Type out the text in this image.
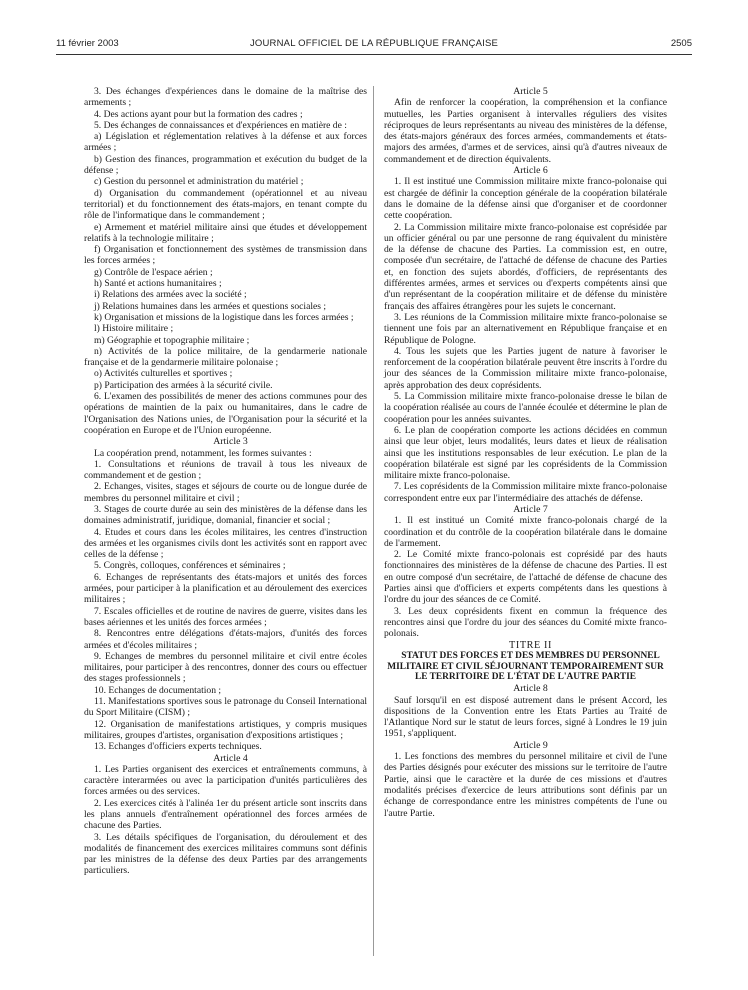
11 février 2003	JOURNAL OFFICIEL DE LA RÉPUBLIQUE FRANÇAISE	2505

3. Des échanges d'expériences dans le domaine de la maîtrise des armements ;

4. Des actions ayant pour but la formation des cadres ;

5. Des échanges de connaissances et d'expériences en matière de :

a) Législation et réglementation relatives à la défense et aux forces armées ;

b) Gestion des finances, programmation et exécution du budget de la défense ;

c) Gestion du personnel et administration du matériel ;

d) Organisation du commandement (opérationnel et au niveau territorial) et du fonctionnement des états-majors, en tenant compte du rôle de l'informatique dans le commandement ;

e) Armement et matériel militaire ainsi que études et développement relatifs à la technologie militaire ;

f) Organisation et fonctionnement des systèmes de transmission dans les forces armées ;

g) Contrôle de l'espace aérien ;

h) Santé et actions humanitaires ;

i) Relations des armées avec la société ;

j) Relations humaines dans les armées et questions sociales ;

k) Organisation et missions de la logistique dans les forces armées ;

l) Histoire militaire ;

m) Géographie et topographie militaire ;

n) Activités de la police militaire, de la gendarmerie nationale française et de la gendarmerie militaire polonaise ;

o) Activités culturelles et sportives ;

p) Participation des armées à la sécurité civile.

6. L'examen des possibilités de mener des actions communes pour des opérations de maintien de la paix ou humanitaires, dans le cadre de l'Organisation des Nations unies, de l'Organisation pour la sécurité et la coopération en Europe et de l'Union européenne.

Article 3

La coopération prend, notamment, les formes suivantes :

1. Consultations et réunions de travail à tous les niveaux de commandement et de gestion ;

2. Echanges, visites, stages et séjours de courte ou de longue durée de membres du personnel militaire et civil ;

3. Stages de courte durée au sein des ministères de la défense dans les domaines administratif, juridique, domanial, financier et social ;

4. Etudes et cours dans les écoles militaires, les centres d'instruction des armées et les organismes civils dont les activités sont en rapport avec celles de la défense ;

5. Congrès, colloques, conférences et séminaires ;

6. Echanges de représentants des états-majors et unités des forces armées, pour participer à la planification et au déroulement des exercices militaires ;

7. Escales officielles et de routine de navires de guerre, visites dans les bases aériennes et les unités des forces armées ;

8. Rencontres entre délégations d'états-majors, d'unités des forces armées et d'écoles militaires ;

9. Echanges de membres du personnel militaire et civil entre écoles militaires, pour participer à des rencontres, donner des cours ou effectuer des stages professionnels ;

10. Echanges de documentation ;

11. Manifestations sportives sous le patronage du Conseil International du Sport Militaire (CISM) ;

12. Organisation de manifestations artistiques, y compris musiques militaires, groupes d'artistes, organisation d'expositions artistiques ;

13. Echanges d'officiers experts techniques.

Article 4

1. Les Parties organisent des exercices et entraînements communs, à caractère interarmées ou avec la participation d'unités particulières des forces armées ou des services.

2. Les exercices cités à l'alinéa 1er du présent article sont inscrits dans les plans annuels d'entraînement opérationnel des forces armées de chacune des Parties.

3. Les détails spécifiques de l'organisation, du déroulement et des modalités de financement des exercices militaires communs sont définis par les ministres de la défense des deux Parties par des arrangements particuliers.

Article 5

Afin de renforcer la coopération, la compréhension et la confiance mutuelles, les Parties organisent à intervalles réguliers des visites réciproques de leurs représentants au niveau des ministères de la défense, des états-majors généraux des forces armées, commandements et états-majors des armées, d'armes et de services, ainsi qu'à d'autres niveaux de commandement et de direction équivalents.

Article 6

1. Il est institué une Commission militaire mixte franco-polonaise qui est chargée de définir la conception générale de la coopération bilatérale dans le domaine de la défense ainsi que d'organiser et de coordonner cette coopération.

2. La Commission militaire mixte franco-polonaise est coprésidée par un officier général ou par une personne de rang équivalent du ministère de la défense de chacune des Parties. La commission est, en outre, composée d'un secrétaire, de l'attaché de défense de chacune des Parties et, en fonction des sujets abordés, d'officiers, de représentants des différentes armées, armes et services ou d'experts compétents ainsi que d'un représentant de la coopération militaire et de défense du ministère français des affaires étrangères pour les sujets le concernant.

3. Les réunions de la Commission militaire mixte franco-polonaise se tiennent une fois par an alternativement en République française et en République de Pologne.

4. Tous les sujets que les Parties jugent de nature à favoriser le renforcement de la coopération bilatérale peuvent être inscrits à l'ordre du jour des séances de la Commission militaire mixte franco-polonaise, après approbation des deux coprésidents.

5. La Commission militaire mixte franco-polonaise dresse le bilan de la coopération réalisée au cours de l'année écoulée et détermine le plan de coopération pour les années suivantes.

6. Le plan de coopération comporte les actions décidées en commun ainsi que leur objet, leurs modalités, leurs dates et lieux de réalisation ainsi que les institutions responsables de leur exécution. Le plan de la coopération bilatérale est signé par les coprésidents de la Commission militaire mixte franco-polonaise.

7. Les coprésidents de la Commission militaire mixte franco-polonaise correspondent entre eux par l'intermédiaire des attachés de défense.

Article 7

1. Il est institué un Comité mixte franco-polonais chargé de la coordination et du contrôle de la coopération bilatérale dans le domaine de l'armement.

2. Le Comité mixte franco-polonais est coprésidé par des hauts fonctionnaires des ministères de la défense de chacune des Parties. Il est en outre composé d'un secrétaire, de l'attaché de défense de chacune des Parties ainsi que d'officiers et experts compétents dans les questions à l'ordre du jour des séances de ce Comité.

3. Les deux coprésidents fixent en commun la fréquence des rencontres ainsi que l'ordre du jour des séances du Comité mixte franco-polonais.

TITRE II

STATUT DES FORCES ET DES MEMBRES DU PERSONNEL MILITAIRE ET CIVIL SÉJOURNANT TEMPORAIREMENT SUR LE TERRITOIRE DE L'ÉTAT DE L'AUTRE PARTIE

Article 8

Sauf lorsqu'il en est disposé autrement dans le présent Accord, les dispositions de la Convention entre les Etats Parties au Traité de l'Atlantique Nord sur le statut de leurs forces, signé à Londres le 19 juin 1951, s'appliquent.

Article 9

1. Les fonctions des membres du personnel militaire et civil de l'une des Parties désignés pour exécuter des missions sur le territoire de l'autre Partie, ainsi que le caractère et la durée de ces missions et d'autres modalités précises d'exercice de leurs attributions sont définis par un échange de correspondance entre les ministres compétents de l'une ou l'autre Partie.
